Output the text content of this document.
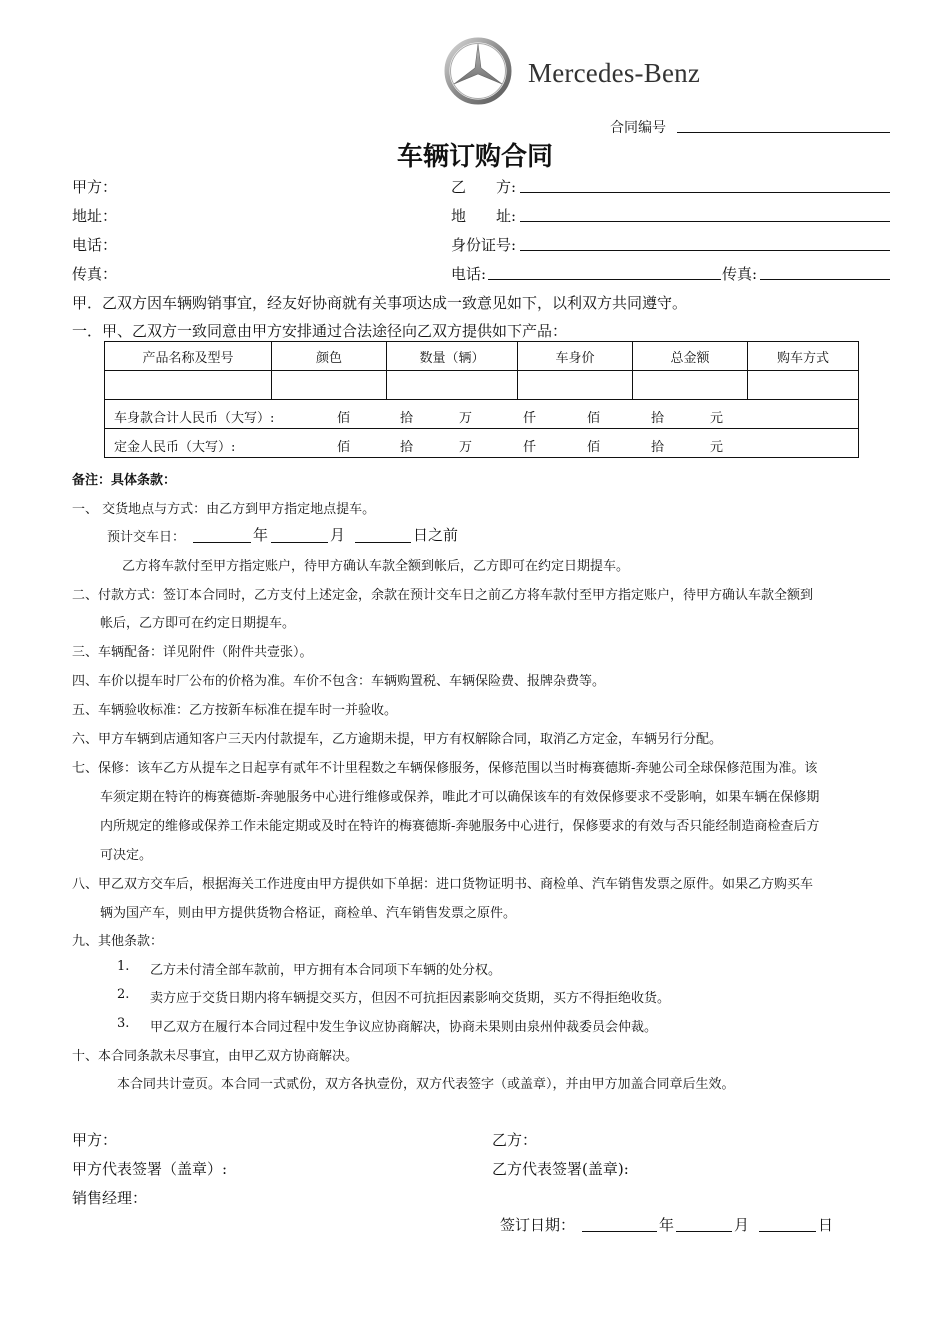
Mercedes-Benz
合同编号
车辆订购合同
甲方：
地址：
电话：
传真：
乙　　方:
地　　址:
身份证号:
电话:	传真:
甲．乙双方因车辆购销事宜，经友好协商就有关事项达成一致意见如下，以利双方共同遵守。
一．甲、乙双方一致同意由甲方安排通过合法途径向乙双方提供如下产品：
产品名称及型号	颜色	数量（辆）	车身价	总金额	购车方式

车身款合计人民币（大写）:	佰	拾	万	仟	佰	拾	元
定金人民币（大写）:	佰	拾	万	仟	佰	拾	元
备注：具体条款：
一、 交货地点与方式：由乙方到甲方指定地点提车。
预计交车日：	年	月	日之前
乙方将车款付至甲方指定账户，待甲方确认车款全额到帐后，乙方即可在约定日期提车。
二、付款方式：签订本合同时，乙方支付上述定金，余款在预计交车日之前乙方将车款付至甲方指定账户，待甲方确认车款全额到
帐后，乙方即可在约定日期提车。
三、车辆配备：详见附件（附件共壹张）。
四、车价以提车时厂公布的价格为准。车价不包含：车辆购置税、车辆保险费、报牌杂费等。
五、车辆验收标准：乙方按新车标准在提车时一并验收。
六、甲方车辆到店通知客户三天内付款提车，乙方逾期未提，甲方有权解除合同，取消乙方定金，车辆另行分配。
七、保修：该车乙方从提车之日起享有贰年不计里程数之车辆保修服务，保修范围以当时梅赛德斯-奔驰公司全球保修范围为准。该
车须定期在特许的梅赛德斯-奔驰服务中心进行维修或保养，唯此才可以确保该车的有效保修要求不受影响，如果车辆在保修期
内所规定的维修或保养工作未能定期或及时在特许的梅赛德斯-奔驰服务中心进行，保修要求的有效与否只能经制造商检查后方
可决定。
八、甲乙双方交车后，根据海关工作进度由甲方提供如下单据：进口货物证明书、商检单、汽车销售发票之原件。如果乙方购买车
辆为国产车，则由甲方提供货物合格证，商检单、汽车销售发票之原件。
九、其他条款：
1. 乙方未付清全部车款前，甲方拥有本合同项下车辆的处分权。
2. 卖方应于交货日期内将车辆提交买方，但因不可抗拒因素影响交货期，买方不得拒绝收货。
3. 甲乙双方在履行本合同过程中发生争议应协商解决，协商未果则由泉州仲裁委员会仲裁。
十、本合同条款未尽事宜，由甲乙双方协商解决。
本合同共计壹页。本合同一式贰份，双方各执壹份，双方代表签字（或盖章），并由甲方加盖合同章后生效。
甲方：
甲方代表签署（盖章）:
销售经理：
乙方：
乙方代表签署(盖章):
签订日期：	年	月	日
